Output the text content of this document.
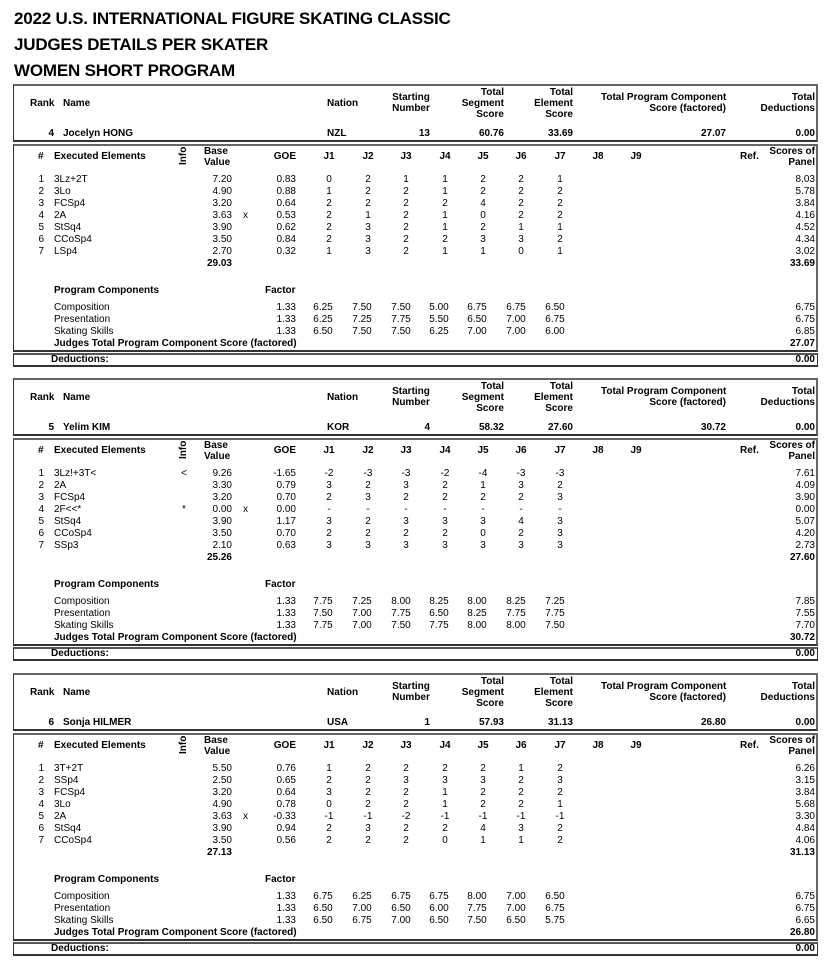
2022 U.S. INTERNATIONAL FIGURE SKATING CLASSIC
JUDGES DETAILS PER SKATER
WOMEN SHORT PROGRAM
Rank Name	Nation
Starting
Number
Total	Total
Segment	Element
Score	Score
Total Program Component
Score (factored)
Total
Deductions
4 Jocelyn HONG	NZL	13	60.76	33.69	27.07	0.00
# Executed Elements	Info Base
Value
GOE	J1	J2	J3	J4	J5	J6	J7	J8	J9	Ref.	Scores of
Panel
1 3Lz+2T	7.20	0.83	0	2	1	1	2	2	1	8.03
2 3Lo	4.90	0.88	1	2	2	1	2	2	2	5.78
3 FCSp4	3.20	0.64	2	2	2	2	4	2	2	3.84
4 2A	3.63 x	0.53	2	1	2	1	0	2	2	4.16
5 StSq4	3.90	0.62	2	3	2	1	2	1	1	4.52
6 CCoSp4	3.50	0.84	2	3	2	2	3	3	2	4.34
7 LSp4	2.70	0.32	1	3	2	1	1	0	1	3.02
29.03	33.69
Program Components	Factor
Composition	1.33	6.25	7.50	7.50	5.00	6.75	6.75	6.50	6.75
Presentation	1.33	6.25	7.25	7.75	5.50	6.50	7.00	6.75	6.75
Skating Skills	1.33	6.50	7.50	7.50	6.25	7.00	7.00	6.00	6.85
Judges Total Program Component Score (factored)	27.07
Deductions:	0.00
Rank Name	Nation
Starting
Number
Total	Total
Segment	Element
Score	Score
Total Program Component
Score (factored)
Total
Deductions
5 Yelim KIM	KOR	4	58.32	27.60	30.72	0.00
# Executed Elements	Info Base
Value
GOE	J1	J2	J3	J4	J5	J6	J7	J8	J9	Ref.	Scores of
Panel
1 3Lz!+3T<	<	9.26	-1.65	-2	-3	-3	-2	-4	-3	-3	7.61
2 2A	3.30	0.79	3	2	3	2	1	3	2	4.09
3 FCSp4	3.20	0.70	2	3	2	2	2	2	3	3.90
4 2F<<*	*	0.00 x	0.00	-	-	-	-	-	-	-	0.00
5 StSq4	3.90	1.17	3	2	3	3	3	4	3	5.07
6 CCoSp4	3.50	0.70	2	2	2	2	0	2	3	4.20
7 SSp3	2.10	0.63	3	3	3	3	3	3	3	2.73
25.26	27.60
Program Components	Factor
Composition	1.33	7.75	7.25	8.00	8.25	8.00	8.25	7.25	7.85
Presentation	1.33	7.50	7.00	7.75	6.50	8.25	7.75	7.75	7.55
Skating Skills	1.33	7.75	7.00	7.50	7.75	8.00	8.00	7.50	7.70
Judges Total Program Component Score (factored)	30.72
Deductions:	0.00
Rank Name	Nation
Starting
Number
Total	Total
Segment	Element
Score	Score
Total Program Component
Score (factored)
Total
Deductions
6 Sonja HILMER	USA	1	57.93	31.13	26.80	0.00
# Executed Elements	Info Base
Value
GOE	J1	J2	J3	J4	J5	J6	J7	J8	J9	Ref.	Scores of
Panel
1 3T+2T	5.50	0.76	1	2	2	2	2	1	2	6.26
2 SSp4	2.50	0.65	2	2	3	3	3	2	3	3.15
3 FCSp4	3.20	0.64	3	2	2	1	2	2	2	3.84
4 3Lo	4.90	0.78	0	2	2	1	2	2	1	5.68
5 2A	3.63 x	-0.33	-1	-1	-2	-1	-1	-1	-1	3.30
6 StSq4	3.90	0.94	2	3	2	2	4	3	2	4.84
7 CCoSp4	3.50	0.56	2	2	2	0	1	1	2	4.06
27.13	31.13
Program Components	Factor
Composition	1.33	6.75	6.25	6.75	6.75	8.00	7.00	6.50	6.75
Presentation	1.33	6.50	7.00	6.50	6.00	7.75	7.00	6.75	6.75
Skating Skills	1.33	6.50	6.75	7.00	6.50	7.50	6.50	5.75	6.65
Judges Total Program Component Score (factored)	26.80
Deductions:	0.00
